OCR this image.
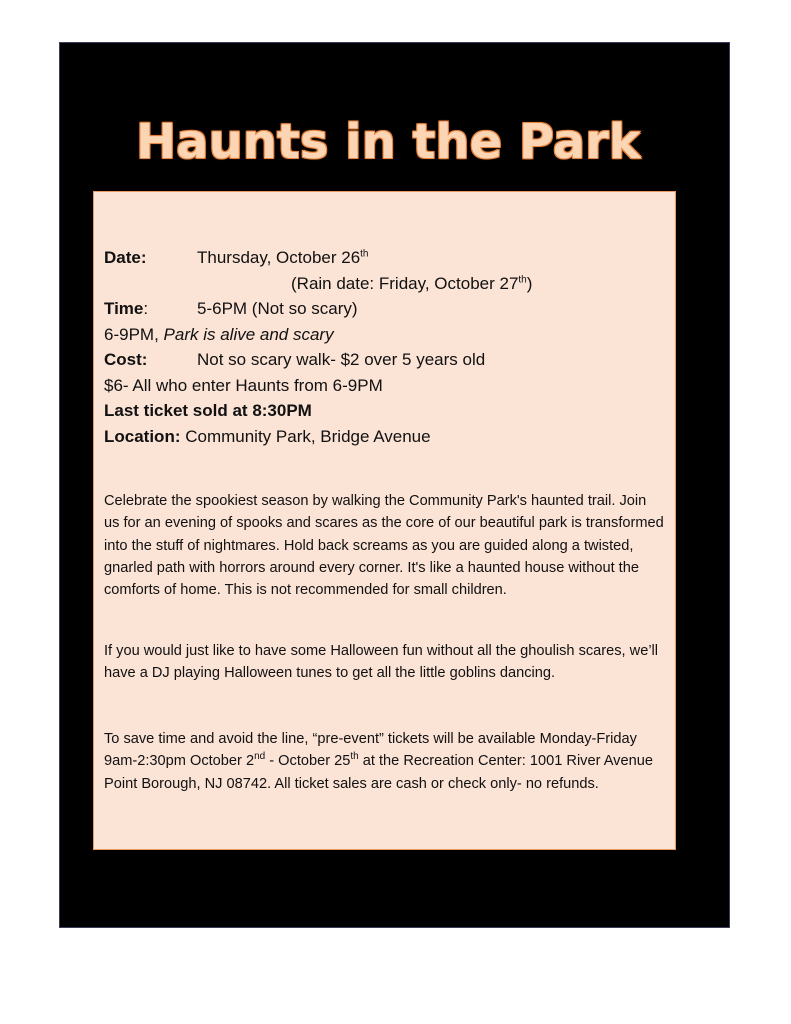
Haunts in the Park
Date:	Thursday, October 26th
(Rain date: Friday, October 27th)
Time:	5-6PM (Not so scary)
6-9PM, Park is alive and scary
Cost:	Not so scary walk- $2 over 5 years old
$6- All who enter Haunts from 6-9PM
Last ticket sold at 8:30PM
Location: Community Park, Bridge Avenue

Celebrate the spookiest season by walking the Community Park's haunted trail. Join us for an evening of spooks and scares as the core of our beautiful park is transformed into the stuff of nightmares. Hold back screams as you are guided along a twisted, gnarled path with horrors around every corner. It's like a haunted house without the comforts of home. This is not recommended for small children.

If you would just like to have some Halloween fun without all the ghoulish scares, we’ll have a DJ playing Halloween tunes to get all the little goblins dancing.

To save time and avoid the line, “pre-event” tickets will be available Monday-Friday 9am-2:30pm October 2nd - October 25th at the Recreation Center: 1001 River Avenue Point Borough, NJ 08742. All ticket sales are cash or check only- no refunds.
